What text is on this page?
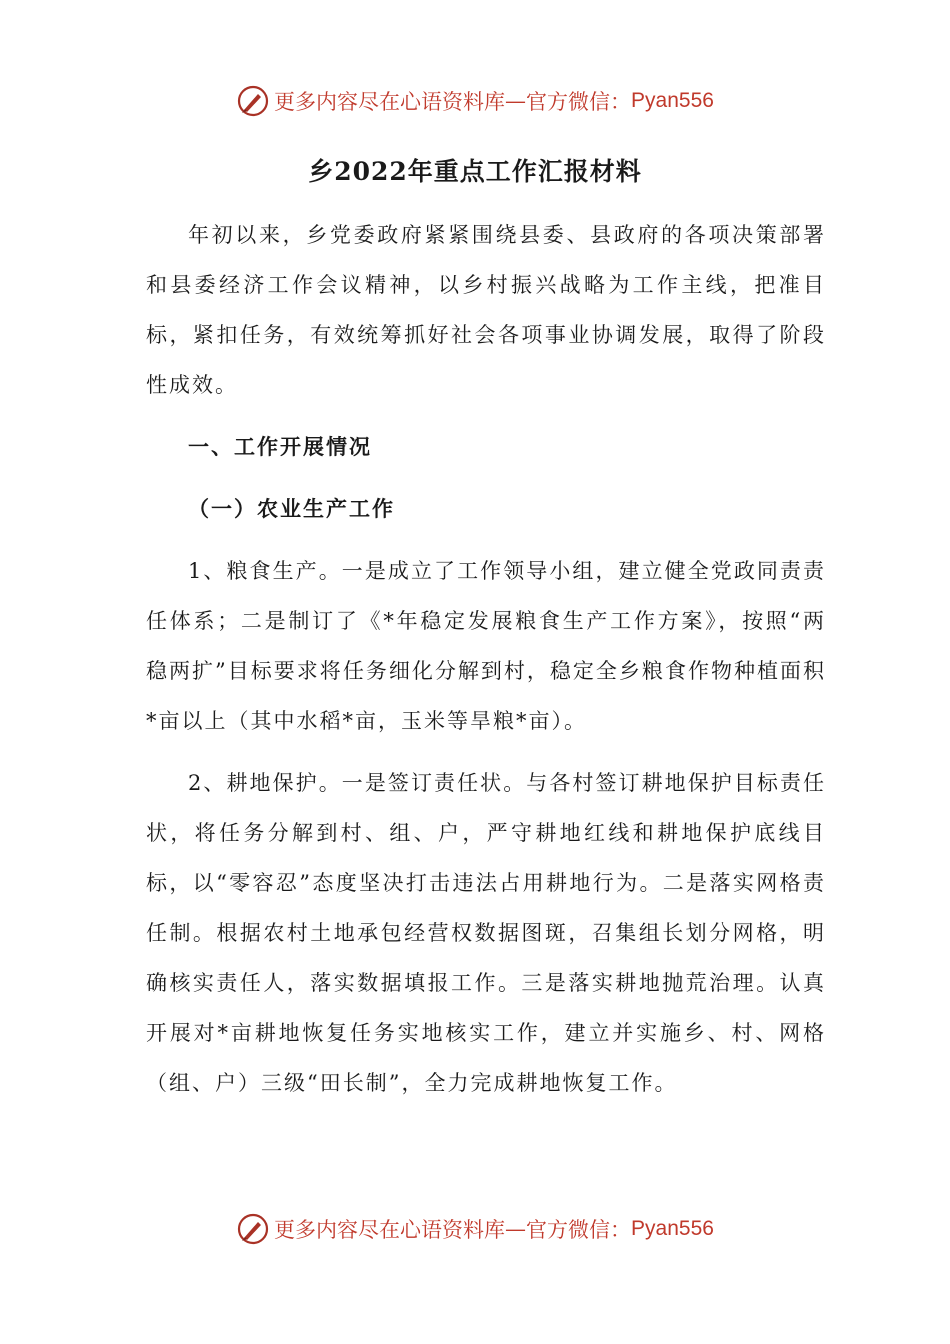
更多内容尽在心语资料库 — 官方微信： Pyan556
乡2022年重点工作汇报材料

年初以来，乡党委政府紧紧围绕县委、县政府的各项决策部署和县委经济工作会议精神，以乡村振兴战略为工作主线，把准目标，紧扣任务，有效统筹抓好社会各项事业协调发展，取得了阶段性成效。

一、工作开展情况

（一）农业生产工作

1、粮食生产。一是成立了工作领导小组，建立健全党政同责责任体系；二是制订了《*年稳定发展粮食生产工作方案》，按照“两稳两扩”目标要求将任务细化分解到村，稳定全乡粮食作物种植面积*亩以上（其中水稻*亩，玉米等旱粮*亩）。

2、耕地保护。一是签订责任状。与各村签订耕地保护目标责任状，将任务分解到村、组、户，严守耕地红线和耕地保护底线目标，以“零容忍”态度坚决打击违法占用耕地行为。二是落实网格责任制。根据农村土地承包经营权数据图斑，召集组长划分网格，明确核实责任人，落实数据填报工作。三是落实耕地抛荒治理。认真开展对*亩耕地恢复任务实地核实工作，建立并实施乡、村、网格（组、户）三级“田长制”，全力完成耕地恢复工作。

更多内容尽在心语资料库 — 官方微信： Pyan556
